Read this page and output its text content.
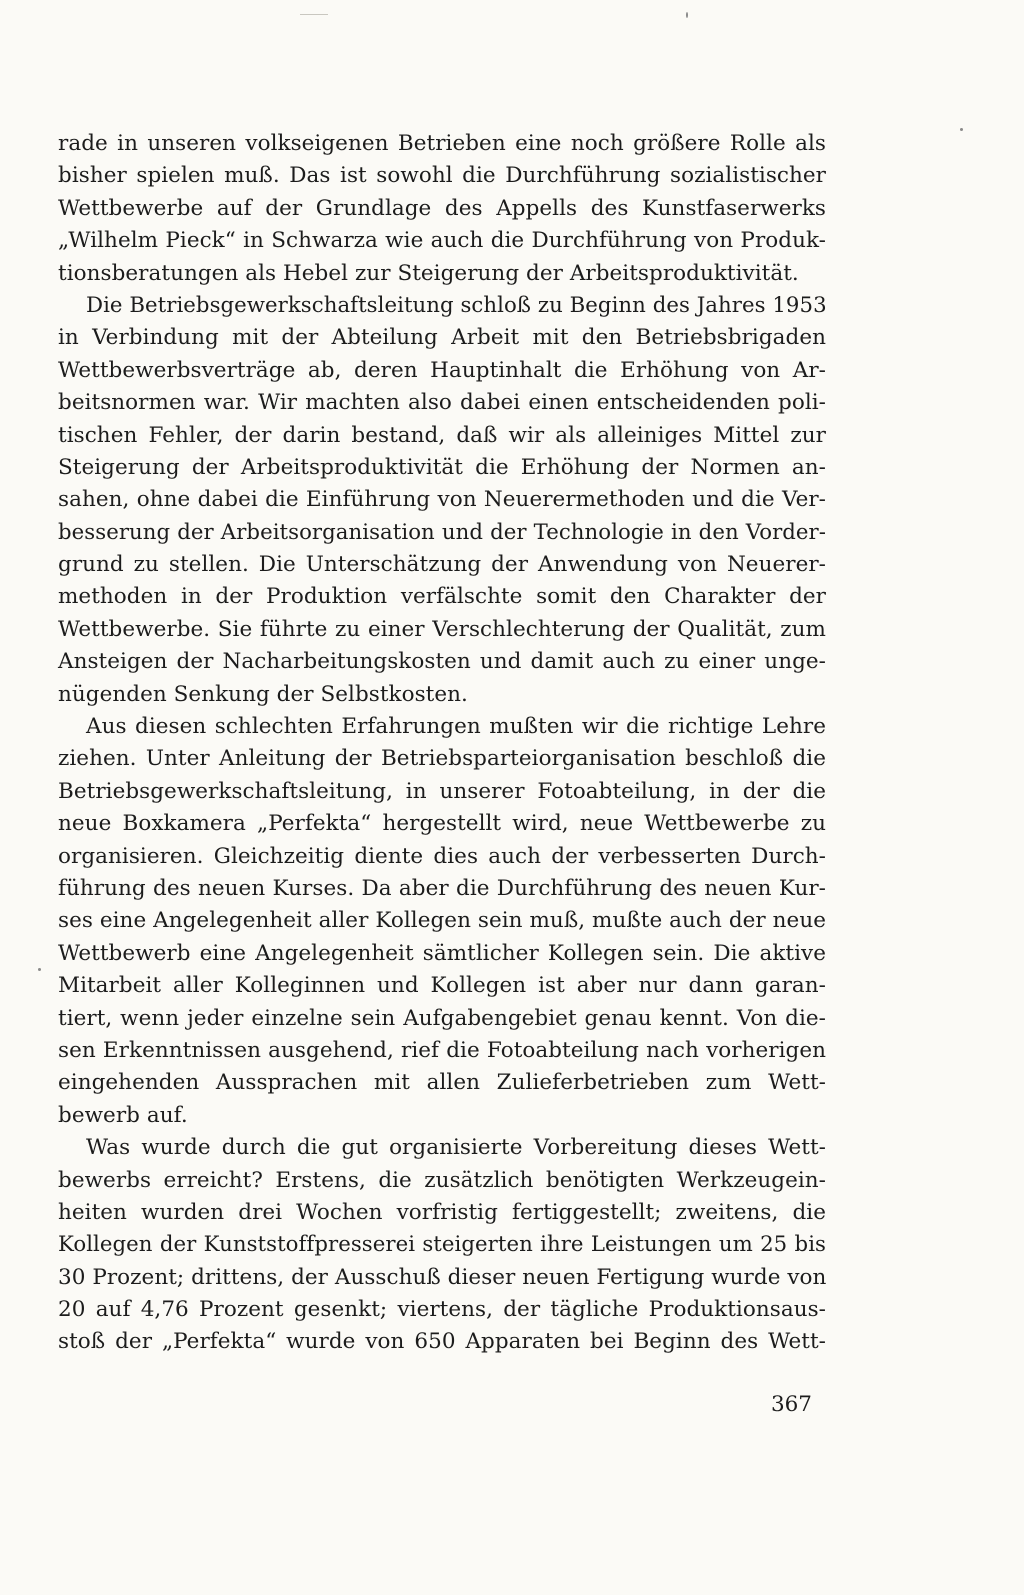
rade in unseren volkseigenen Betrieben eine noch größere Rolle als
bisher spielen muß. Das ist sowohl die Durchführung sozialistischer
Wettbewerbe auf der Grundlage des Appells des Kunstfaserwerks
„Wilhelm Pieck“ in Schwarza wie auch die Durchführung von Produk-
tionsberatungen als Hebel zur Steigerung der Arbeitsproduktivität.
Die Betriebsgewerkschaftsleitung schloß zu Beginn des Jahres 1953
in Verbindung mit der Abteilung Arbeit mit den Betriebsbrigaden
Wettbewerbsverträge ab, deren Hauptinhalt die Erhöhung von Ar-
beitsnormen war. Wir machten also dabei einen entscheidenden poli-
tischen Fehler, der darin bestand, daß wir als alleiniges Mittel zur
Steigerung der Arbeitsproduktivität die Erhöhung der Normen an-
sahen, ohne dabei die Einführung von Neuerermethoden und die Ver-
besserung der Arbeitsorganisation und der Technologie in den Vorder-
grund zu stellen. Die Unterschätzung der Anwendung von Neuerer-
methoden in der Produktion verfälschte somit den Charakter der
Wettbewerbe. Sie führte zu einer Verschlechterung der Qualität, zum
Ansteigen der Nacharbeitungskosten und damit auch zu einer unge-
nügenden Senkung der Selbstkosten.
Aus diesen schlechten Erfahrungen mußten wir die richtige Lehre
ziehen. Unter Anleitung der Betriebsparteiorganisation beschloß die
Betriebsgewerkschaftsleitung, in unserer Fotoabteilung, in der die
neue Boxkamera „Perfekta“ hergestellt wird, neue Wettbewerbe zu
organisieren. Gleichzeitig diente dies auch der verbesserten Durch-
führung des neuen Kurses. Da aber die Durchführung des neuen Kur-
ses eine Angelegenheit aller Kollegen sein muß, mußte auch der neue
Wettbewerb eine Angelegenheit sämtlicher Kollegen sein. Die aktive
Mitarbeit aller Kolleginnen und Kollegen ist aber nur dann garan-
tiert, wenn jeder einzelne sein Aufgabengebiet genau kennt. Von die-
sen Erkenntnissen ausgehend, rief die Fotoabteilung nach vorherigen
eingehenden Aussprachen mit allen Zulieferbetrieben zum Wett-
bewerb auf.
Was wurde durch die gut organisierte Vorbereitung dieses Wett-
bewerbs erreicht? Erstens, die zusätzlich benötigten Werkzeugein-
heiten wurden drei Wochen vorfristig fertiggestellt; zweitens, die
Kollegen der Kunststoffpresserei steigerten ihre Leistungen um 25 bis
30 Prozent; drittens, der Ausschuß dieser neuen Fertigung wurde von
20 auf 4,76 Prozent gesenkt; viertens, der tägliche Produktionsaus-
stoß der „Perfekta“ wurde von 650 Apparaten bei Beginn des Wett-
367
